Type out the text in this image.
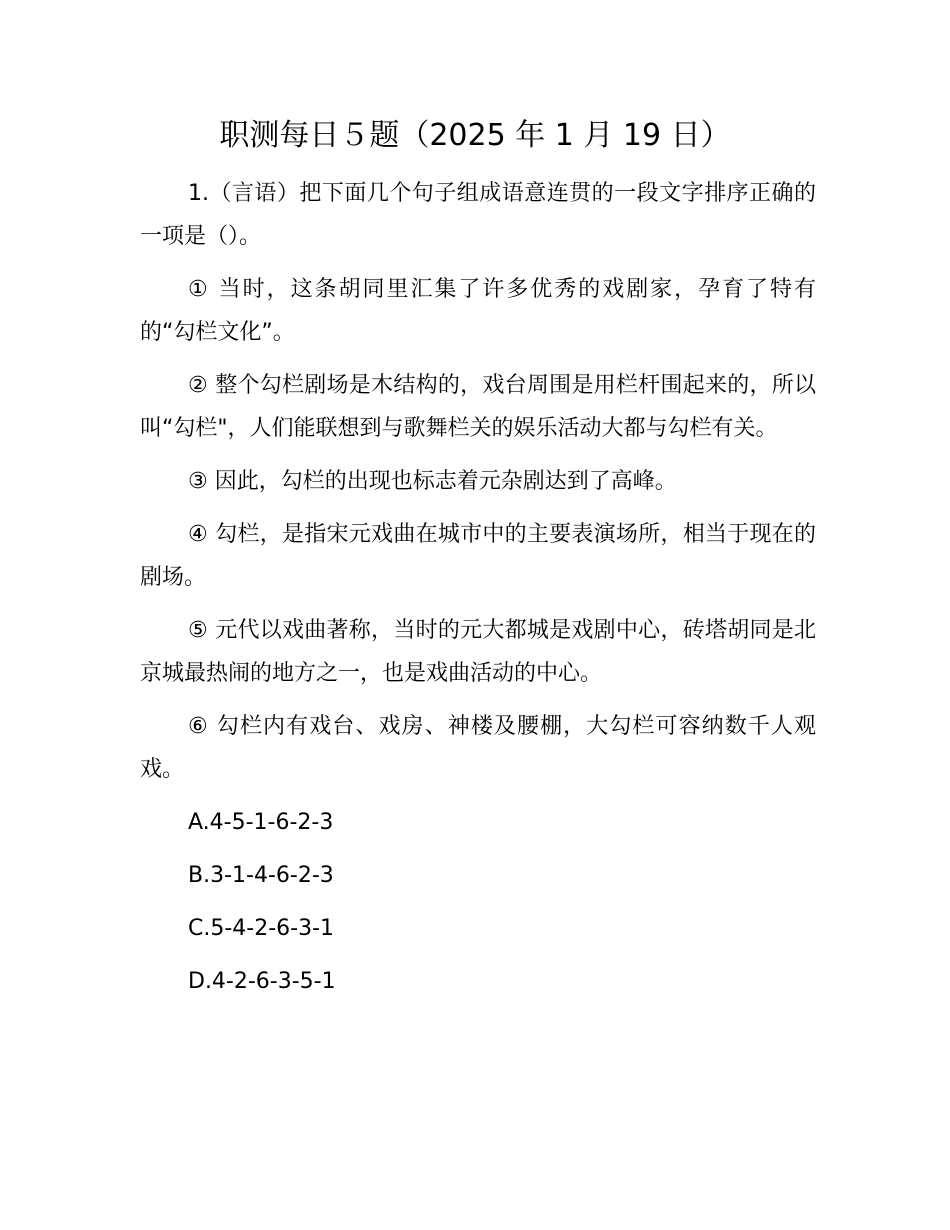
职测每日５题（2025 年 1 月 19 日）

1.（言语）把下面几个句子组成语意连贯的一段文字排序正确的一项是（）。

① 当时，这条胡同里汇集了许多优秀的戏剧家，孕育了特有的“勾栏文化”。

② 整个勾栏剧场是木结构的，戏台周围是用栏杆围起来的，所以叫“勾栏"，人们能联想到与歌舞栏关的娱乐活动大都与勾栏有关。

③ 因此，勾栏的出现也标志着元杂剧达到了高峰。

④ 勾栏，是指宋元戏曲在城市中的主要表演场所，相当于现在的剧场。

⑤ 元代以戏曲著称，当时的元大都城是戏剧中心，砖塔胡同是北京城最热闹的地方之一，也是戏曲活动的中心。

⑥ 勾栏内有戏台、戏房、神楼及腰棚，大勾栏可容纳数千人观戏。

A.4-5-1-6-2-3

B.3-1-4-6-2-3

C.5-4-2-6-3-1

D.4-2-6-3-5-1
